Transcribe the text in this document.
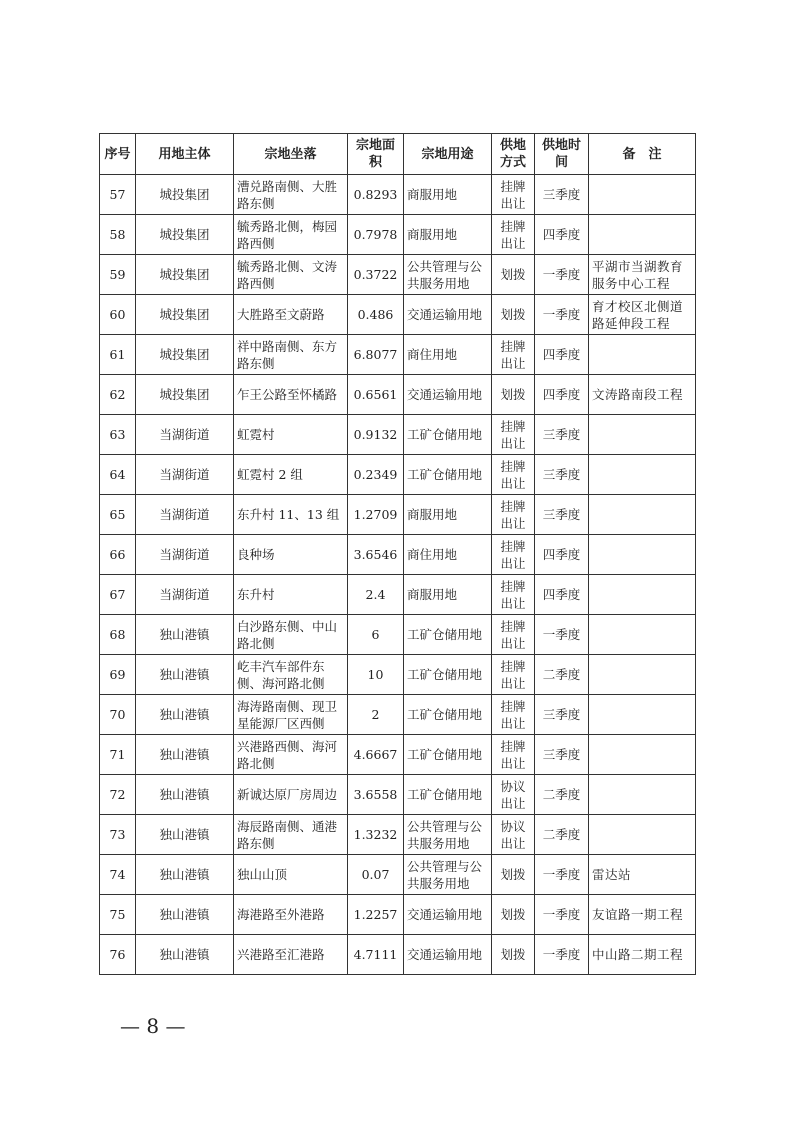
序号	用地主体	宗地坐落	宗地面积	宗地用途	供地方式	供地时间	备　注
57	城投集团	漕兑路南侧、大胜路东侧	0.8293	商服用地	挂牌出让	三季度	
58	城投集团	毓秀路北侧，梅园路西侧	0.7978	商服用地	挂牌出让	四季度	
59	城投集团	毓秀路北侧、文涛路西侧	0.3722	公共管理与公共服务用地	划拨	一季度	平湖市当湖教育服务中心工程
60	城投集团	大胜路至文蔚路	0.486	交通运输用地	划拨	一季度	育才校区北侧道路延伸段工程
61	城投集团	祥中路南侧、东方路东侧	6.8077	商住用地	挂牌出让	四季度	
62	城投集团	乍王公路至怀橘路	0.6561	交通运输用地	划拨	四季度	文涛路南段工程
63	当湖街道	虹霓村	0.9132	工矿仓储用地	挂牌出让	三季度	
64	当湖街道	虹霓村 2 组	0.2349	工矿仓储用地	挂牌出让	三季度	
65	当湖街道	东升村 11、13 组	1.2709	商服用地	挂牌出让	三季度	
66	当湖街道	良种场	3.6546	商住用地	挂牌出让	四季度	
67	当湖街道	东升村	2.4	商服用地	挂牌出让	四季度	
68	独山港镇	白沙路东侧、中山路北侧	6	工矿仓储用地	挂牌出让	一季度	
69	独山港镇	屹丰汽车部件东侧、海河路北侧	10	工矿仓储用地	挂牌出让	二季度	
70	独山港镇	海涛路南侧、现卫星能源厂区西侧	2	工矿仓储用地	挂牌出让	三季度	
71	独山港镇	兴港路西侧、海河路北侧	4.6667	工矿仓储用地	挂牌出让	三季度	
72	独山港镇	新诚达原厂房周边	3.6558	工矿仓储用地	协议出让	二季度	
73	独山港镇	海辰路南侧、通港路东侧	1.3232	公共管理与公共服务用地	协议出让	二季度	
74	独山港镇	独山山顶	0.07	公共管理与公共服务用地	划拨	一季度	雷达站
75	独山港镇	海港路至外港路	1.2257	交通运输用地	划拨	一季度	友谊路一期工程
76	独山港镇	兴港路至汇港路	4.7111	交通运输用地	划拨	一季度	中山路二期工程
— 8 —
